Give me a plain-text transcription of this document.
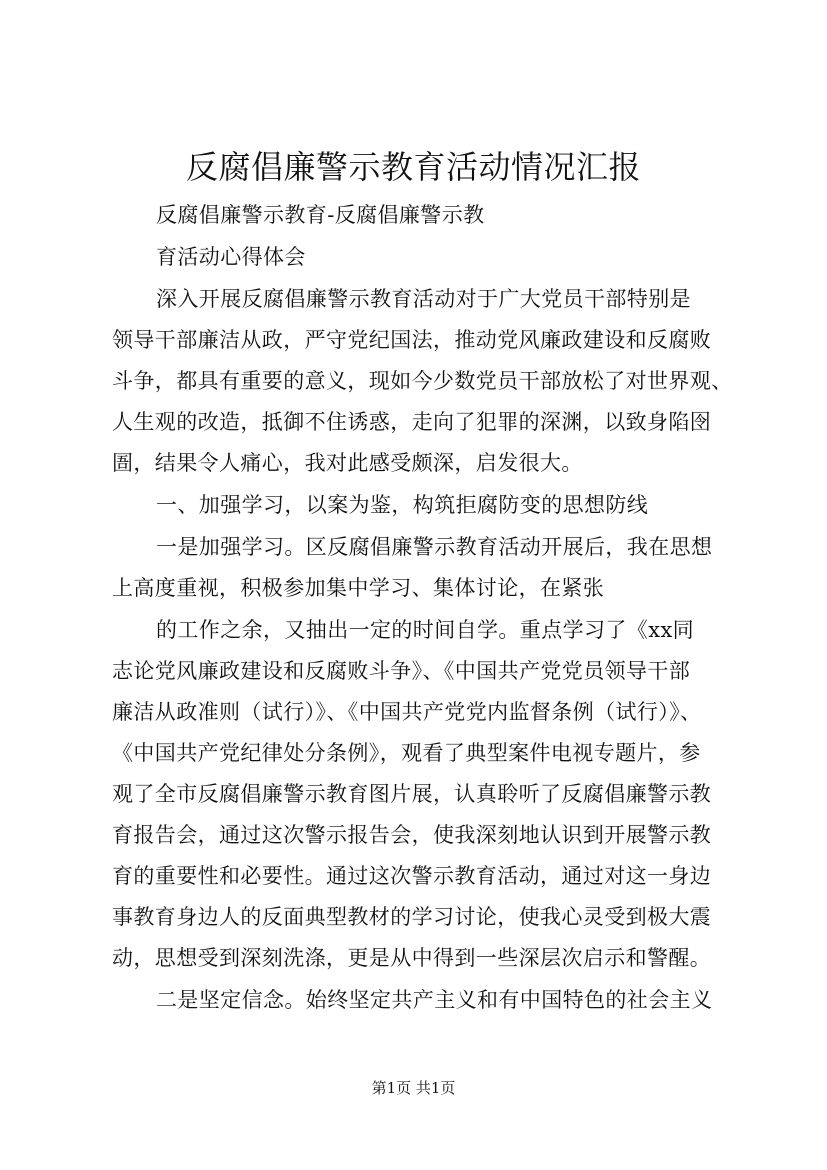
反腐倡廉警示教育活动情况汇报

反腐倡廉警示教育-反腐倡廉警示教

育活动心得体会

深入开展反腐倡廉警示教育活动对于广大党员干部特别是

领导干部廉洁从政，严守党纪国法，推动党风廉政建设和反腐败

斗争，都具有重要的意义，现如今少数党员干部放松了对世界观、

人生观的改造，抵御不住诱惑，走向了犯罪的深渊，以致身陷囹

圄，结果令人痛心，我对此感受颇深，启发很大。

一、加强学习，以案为鉴，构筑拒腐防变的思想防线

一是加强学习。区反腐倡廉警示教育活动开展后，我在思想

上高度重视，积极参加集中学习、集体讨论，在紧张

的工作之余，又抽出一定的时间自学。重点学习了《xx同

志论党风廉政建设和反腐败斗争》、《中国共产党党员领导干部

廉洁从政准则（试行）》、《中国共产党党内监督条例（试行）》、

《中国共产党纪律处分条例》，观看了典型案件电视专题片，参

观了全市反腐倡廉警示教育图片展，认真聆听了反腐倡廉警示教

育报告会，通过这次警示报告会，使我深刻地认识到开展警示教

育的重要性和必要性。通过这次警示教育活动，通过对这一身边

事教育身边人的反面典型教材的学习讨论，使我心灵受到极大震

动，思想受到深刻洗涤，更是从中得到一些深层次启示和警醒。

二是坚定信念。始终坚定共产主义和有中国特色的社会主义

第1页 共1页
